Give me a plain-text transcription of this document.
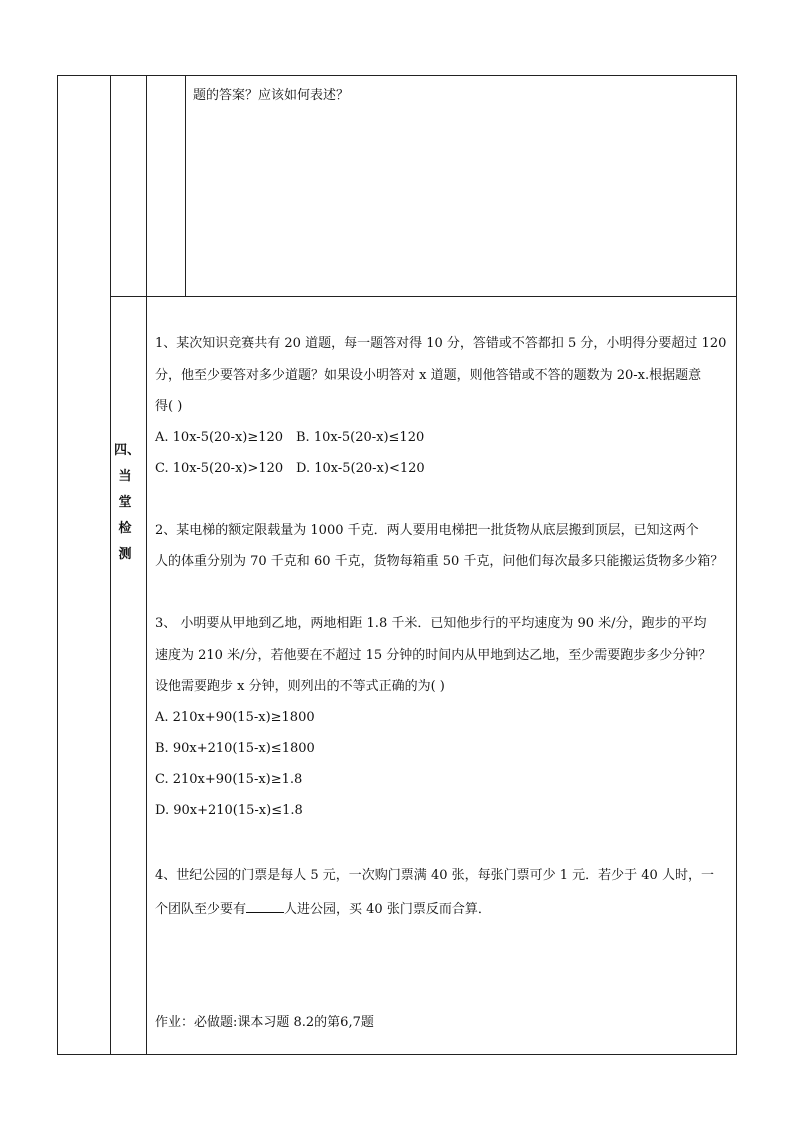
题的答案？应该如何表述？
四、
当
堂
检
测
1、某次知识竞赛共有 20 道题，每一题答对得 10 分，答错或不答都扣 5 分，小明得分要超过 120
分，他至少要答对多少道题？如果设小明答对 x 道题，则他答错或不答的题数为 20-x.根据题意
得( )
A. 10x-5(20-x)≥120 B. 10x-5(20-x)≤120
C. 10x-5(20-x)>120 D. 10x-5(20-x)<120
2、某电梯的额定限载量为 1000 千克．两人要用电梯把一批货物从底层搬到顶层，已知这两个
人的体重分别为 70 千克和 60 千克，货物每箱重 50 千克，问他们每次最多只能搬运货物多少箱？
3、 小明要从甲地到乙地，两地相距 1.8 千米．已知他步行的平均速度为 90 米/分，跑步的平均
速度为 210 米/分，若他要在不超过 15 分钟的时间内从甲地到达乙地，至少需要跑步多少分钟？
设他需要跑步 x 分钟，则列出的不等式正确的为( )
A. 210x+90(15-x)≥1800
B. 90x+210(15-x)≤1800
C. 210x+90(15-x)≥1.8
D. 90x+210(15-x)≤1.8
4、世纪公园的门票是每人 5 元，一次购门票满 40 张，每张门票可少 1 元．若少于 40 人时，一
个团队至少要有	人进公园，买 40 张门票反而合算．
作业：必做题:课本习题 8.2的第6,7题
